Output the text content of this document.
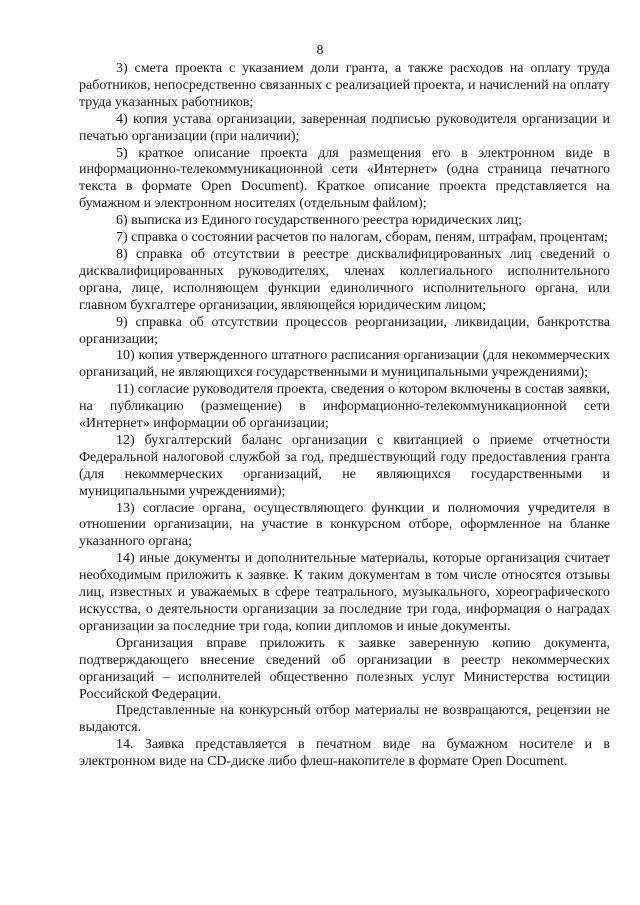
8

3) смета проекта с указанием доли гранта, а также расходов на оплату труда работников, непосредственно связанных с реализацией проекта, и начислений на оплату труда указанных работников;

4) копия устава организации, заверенная подписью руководителя организации и печатью организации (при наличии);

5) краткое описание проекта для размещения его в электронном виде в информационно-телекоммуникационной сети «Интернет» (одна страница печатного текста в формате Open Document). Краткое описание проекта представляется на бумажном и электронном носителях (отдельным файлом);

6) выписка из Единого государственного реестра юридических лиц;

7) справка о состоянии расчетов по налогам, сборам, пеням, штрафам, процентам;

8) справка об отсутствии в реестре дисквалифицированных лиц сведений о дисквалифицированных руководителях, членах коллегиального исполнительного органа, лице, исполняющем функции единоличного исполнительного органа, или главном бухгалтере организации, являющейся юридическим лицом;

9) справка об отсутствии процессов реорганизации, ликвидации, банкротства организации;

10) копия утвержденного штатного расписания организации (для некоммерческих организаций, не являющихся государственными и муниципальными учреждениями);

11) согласие руководителя проекта, сведения о котором включены в состав заявки, на публикацию (размещение) в информационно-телекоммуникационной сети «Интернет» информации об организации;

12) бухгалтерский баланс организации с квитанцией о приеме отчетности Федеральной налоговой службой за год, предшествующий году предоставления гранта (для некоммерческих организаций, не являющихся государственными и муниципальными учреждениями);

13) согласие органа, осуществляющего функции и полномочия учредителя в отношении организации, на участие в конкурсном отборе, оформленное на бланке указанного органа;

14) иные документы и дополнительные материалы, которые организация считает необходимым приложить к заявке. К таким документам в том числе относятся отзывы лиц, известных и уважаемых в сфере театрального, музыкального, хореографического искусства, о деятельности организации за последние три года, информация о наградах организации за последние три года, копии дипломов и иные документы.

Организация вправе приложить к заявке заверенную копию документа, подтверждающего внесение сведений об организации в реестр некоммерческих организаций – исполнителей общественно полезных услуг Министерства юстиции Российской Федерации.

Представленные на конкурсный отбор материалы не возвращаются, рецензии не выдаются.

14. Заявка представляется в печатном виде на бумажном носителе и в электронном виде на CD-диске либо флеш-накопителе в формате Open Document.
